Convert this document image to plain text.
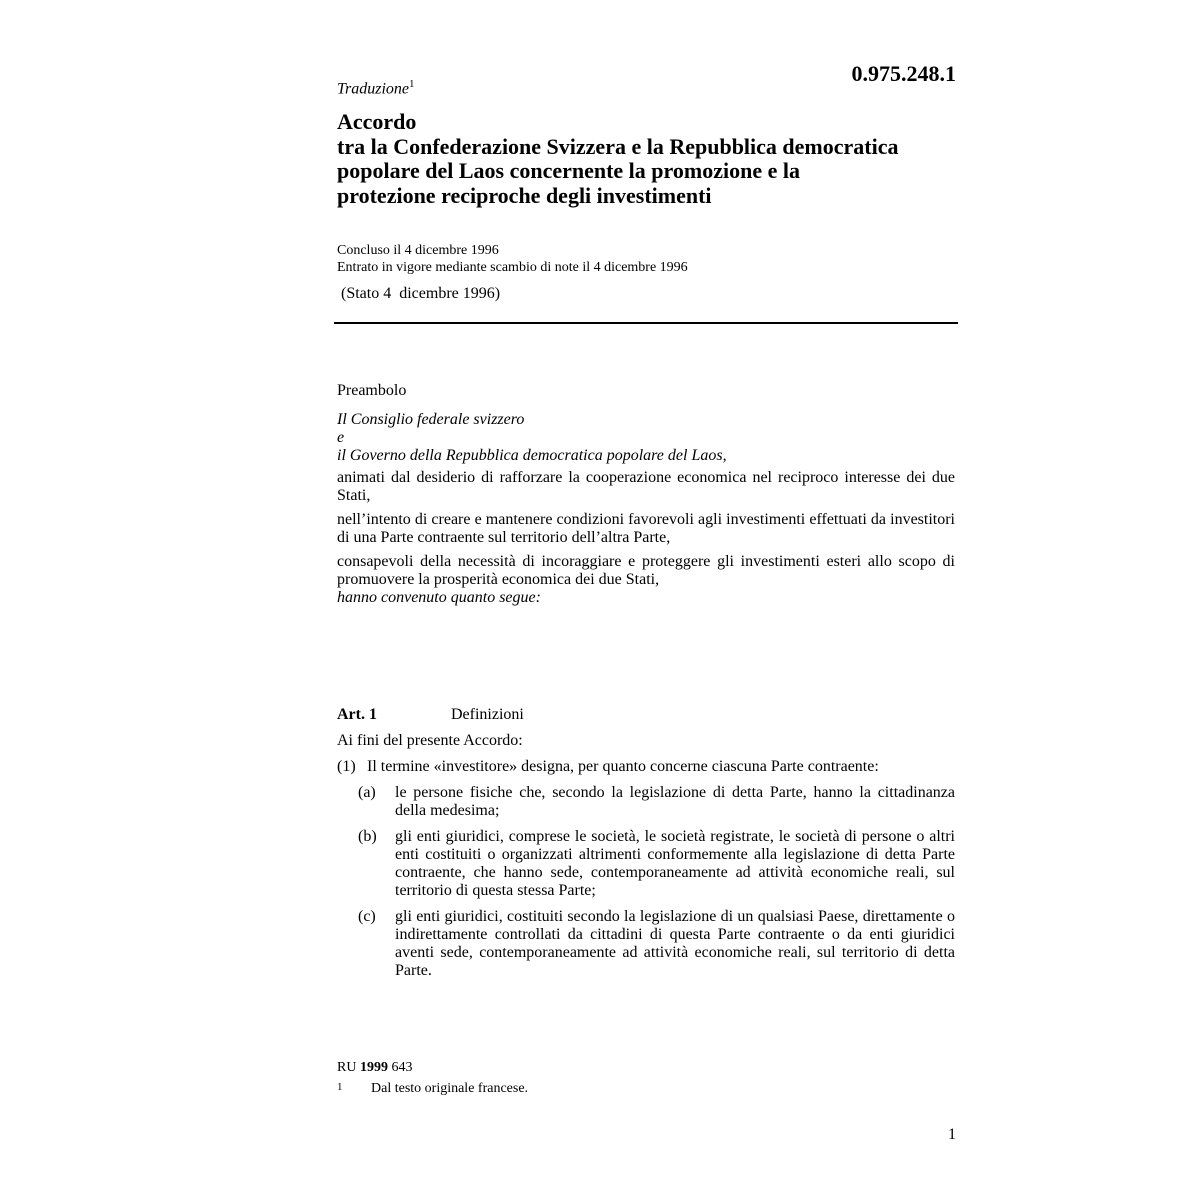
0.975.248.1
Traduzione$^1$
Accordo
tra la Confederazione Svizzera e la Repubblica democratica
popolare del Laos concernente la promozione e la
protezione reciproche degli investimenti
Concluso il 4 dicembre 1996
Entrato in vigore mediante scambio di note il 4 dicembre 1996
(Stato 4  dicembre 1996)
Preambolo

Il Consiglio federale svizzero

e

il Governo della Repubblica democratica popolare del Laos,

animati dal desiderio di rafforzare la cooperazione economica nel reciproco interesse dei due Stati,

nell’intento di creare e mantenere condizioni favorevoli agli investimenti effettuati da investitori di una Parte contraente sul territorio dell’altra Parte,

consapevoli della necessità di incoraggiare e proteggere gli investimenti esteri allo scopo di promuovere la prosperità economica dei due Stati,

hanno convenuto quanto segue:

Art. 1	Definizioni

Ai fini del presente Accordo:

(1) Il termine «investitore» designa, per quanto concerne ciascuna Parte contraente:
(a)	le persone fisiche che, secondo la legislazione di detta Parte, hanno la cittadinanza della medesima;
(b)	gli enti giuridici, comprese le società, le società registrate, le società di persone o altri enti costituiti o organizzati altrimenti conformemente alla legislazione di detta Parte contraente, che hanno sede, contemporaneamente ad attività economiche reali, sul territorio di questa stessa Parte;
(c)	gli enti giuridici, costituiti secondo la legislazione di un qualsiasi Paese, direttamente o indirettamente controllati da cittadini di questa Parte contraente o da enti giuridici aventi sede, contemporaneamente ad attività economiche reali, sul territorio di detta Parte.
RU 1999 643
1	Dal testo originale francese.
1
